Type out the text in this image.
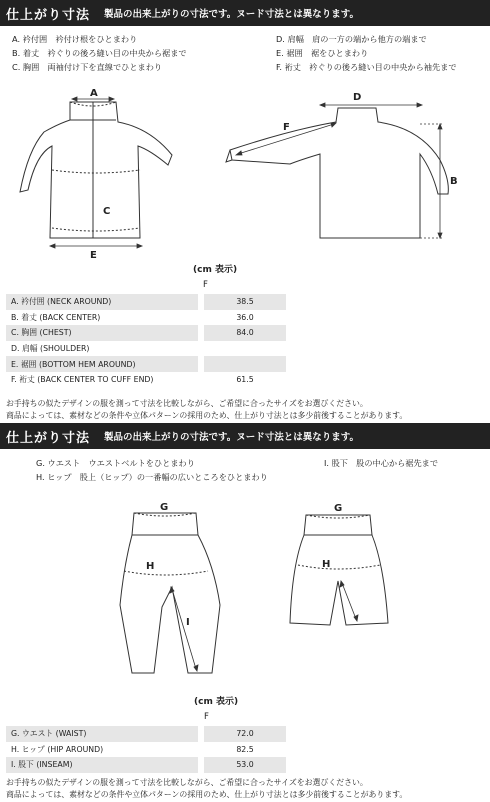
仕上がり寸法 製品の出来上がりの寸法です。ヌード寸法とは異なります。
A. 衿付囲　衿付け根をひとまわり
B. 着丈　衿ぐりの後ろ縫い目の中央から裾まで
C. 胸囲　両袖付け下を直線でひとまわり
D. 肩幅　肩の一方の端から他方の端まで
E. 裾囲　裾をひとまわり
F. 裄丈　衿ぐりの後ろ縫い目の中央から袖先まで
A
C
E
D
F
B
(cm 表示)
F
A. 衿付囲 (NECK AROUND)		38.5
B. 着丈 (BACK CENTER)		36.0
C. 胸囲 (CHEST)		84.0
D. 肩幅 (SHOULDER)		
E. 裾囲 (BOTTOM HEM AROUND)		
F. 裄丈 (BACK CENTER TO CUFF END)		61.5
お手持ちの似たデザインの服を測って寸法を比較しながら、ご希望に合ったサイズをお選びください。
商品によっては、素材などの条件や立体パターンの採用のため、仕上がり寸法とは多少前後することがあります。
仕上がり寸法 製品の出来上がりの寸法です。ヌード寸法とは異なります。
G. ウエスト　ウエストベルトをひとまわり
H. ヒップ　股上（ヒップ）の一番幅の広いところをひとまわり
I. 股下　股の中心から裾先まで
G
H
I
G
H
(cm 表示)
F
G. ウエスト (WAIST)		72.0
H. ヒップ (HIP AROUND)		82.5
I. 股下 (INSEAM)		53.0
お手持ちの似たデザインの服を測って寸法を比較しながら、ご希望に合ったサイズをお選びください。
商品によっては、素材などの条件や立体パターンの採用のため、仕上がり寸法とは多少前後することがあります。
